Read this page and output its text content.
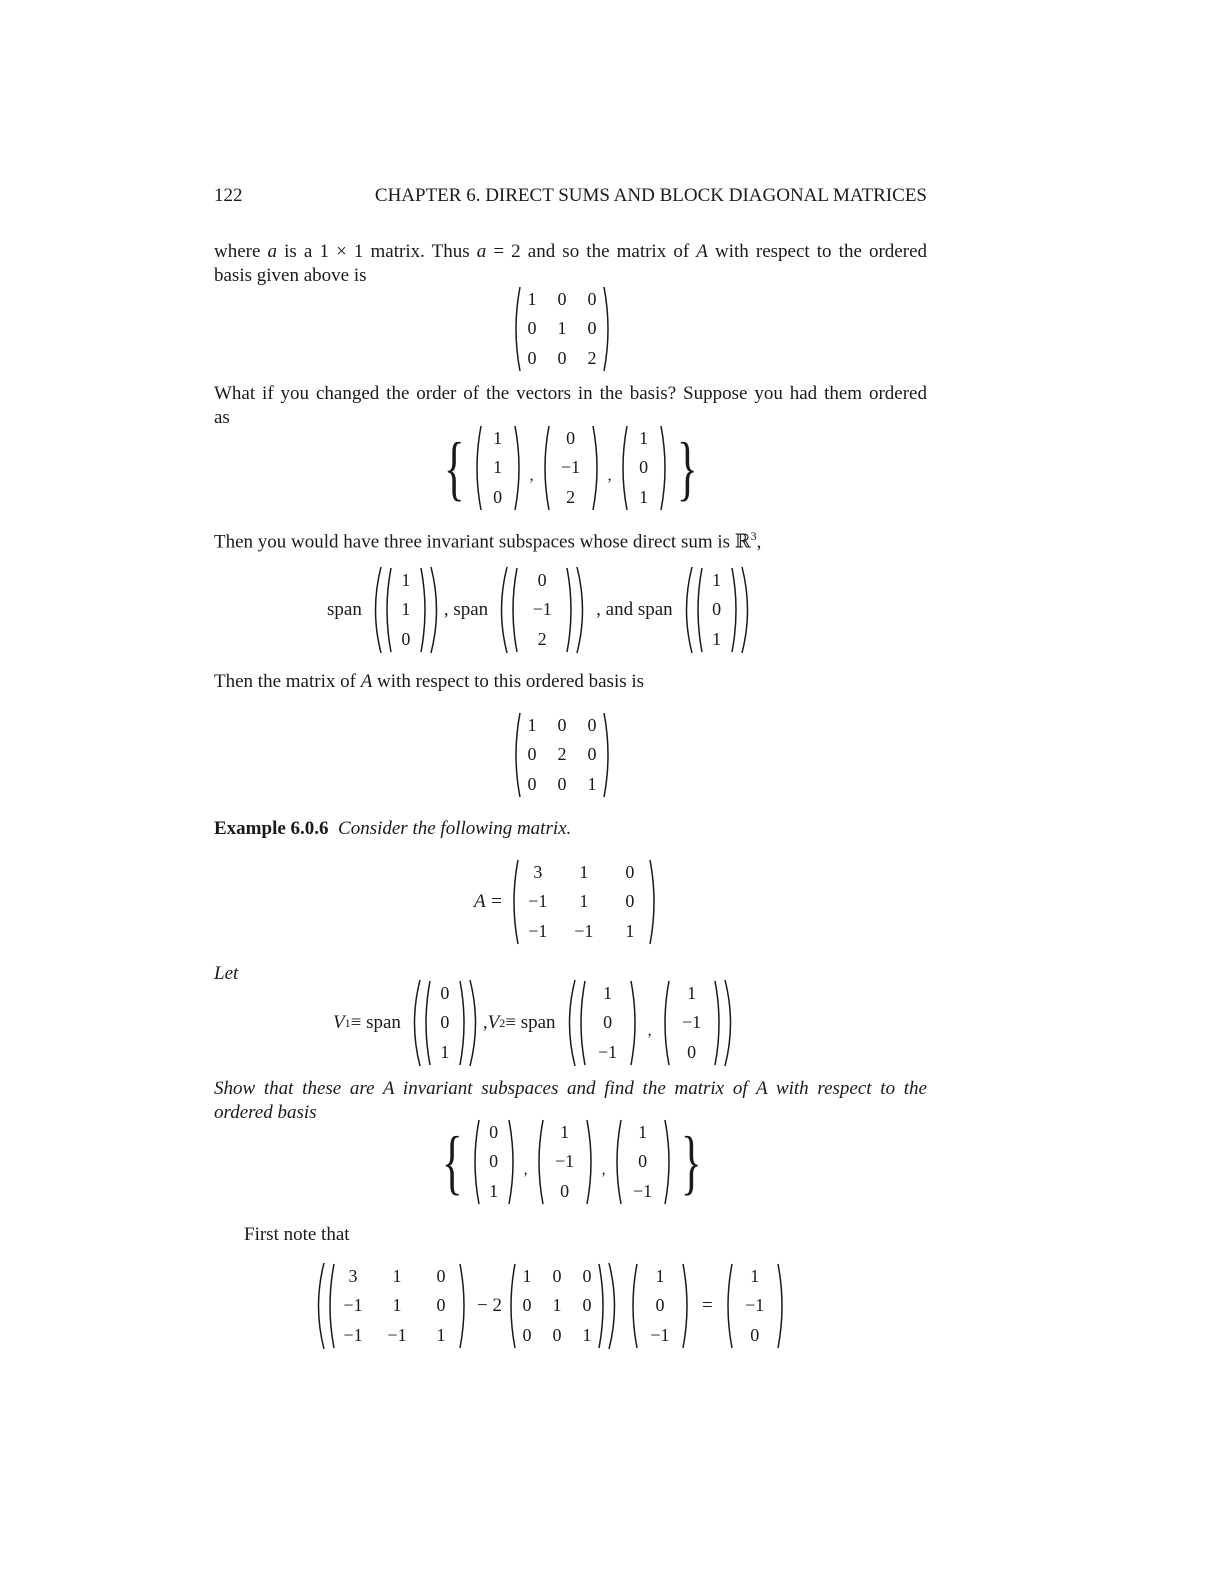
122	CHAPTER 6. DIRECT SUMS AND BLOCK DIAGONAL MATRICES
where a is a 1 × 1 matrix. Thus a = 2 and so the matrix of A with respect to the ordered
basis given above is
1 0 0
0 1 0
0 0 2
What if you changed the order of the vectors in the basis? Suppose you had them ordered
as
{ 1
1
0
,
0
−1
2
,
1
0
1 }
Then you would have three invariant subspaces whose direct sum is ℝ$^3$,
span
1
1
0
, span
0
−1
2
, and span
1
0
1
Then the matrix of A with respect to this ordered basis is
1 0 0
0 2 0
0 0 1
Example 6.0.6 Consider the following matrix.
A =
3 1 0
−1 1 0
−1 −1 1
Let
V 1 ≡ span
0
0
1
, V 2 ≡ span
1
0
−1
,
1
−1
0
Show that these are A invariant subspaces and find the matrix of A with respect to the
ordered basis
{ 0
0
1
,
1
−1
0
,
1
0
−1 }
First note that
3 1 0
−1 1 0
−1 −1 1
− 2
1 0 0
0 1 0
0 0 1
1
0
−1
=
1
−1
0
